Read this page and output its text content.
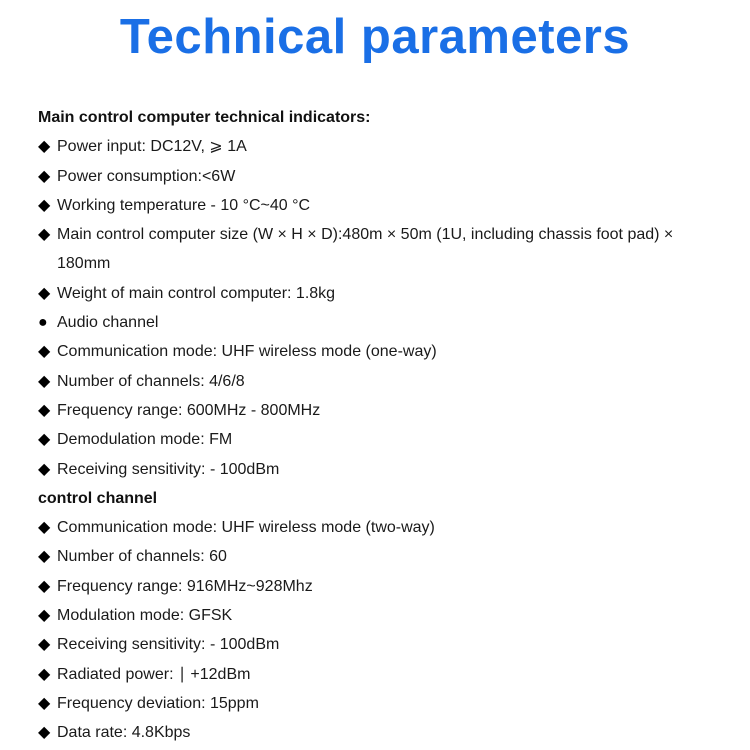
Technical parameters
Main control computer technical indicators:
◆ Power input: DC12V, ⩾ 1A
◆ Power consumption:<6W
◆ Working temperature - 10 °C~40 °C
◆ Main control computer size (W × H × D):480m × 50m (1U, including chassis foot pad) × 180mm
◆ Weight of main control computer: 1.8kg
● Audio channel
◆ Communication mode: UHF wireless mode (one-way)
◆ Number of channels: 4/6/8
◆ Frequency range: 600MHz - 800MHz
◆ Demodulation mode: FM
◆ Receiving sensitivity: - 100dBm
control channel
◆ Communication mode: UHF wireless mode (two-way)
◆ Number of channels: 60
◆ Frequency range: 916MHz~928Mhz
◆ Modulation mode: GFSK
◆ Receiving sensitivity: - 100dBm
◆ Radiated power: ∣ +12dBm
◆ Frequency deviation: 15ppm
◆ Data rate: 4.8Kbps
